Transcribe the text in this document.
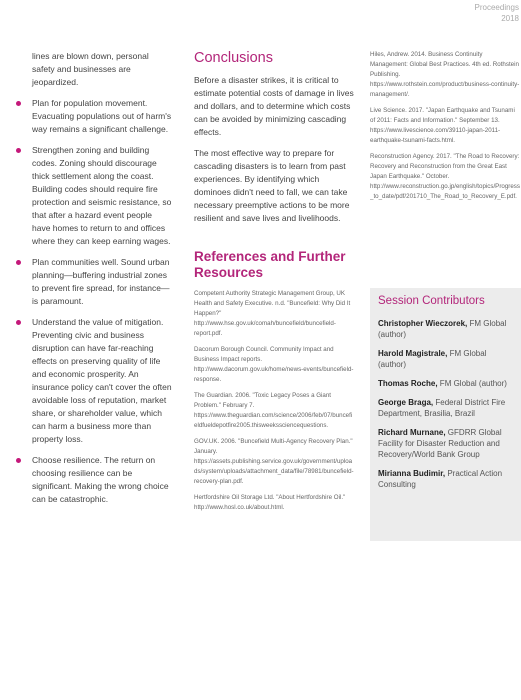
Proceedings
2018

lines are blown down, personal safety and businesses are jeopardized.

Plan for population movement. Evacuating populations out of harm's way remains a significant challenge.
Strengthen zoning and building codes. Zoning should discourage thick settlement along the coast. Building codes should require fire protection and seismic resistance, so that after a hazard event people have homes to return to and offices where they can keep earning wages.
Plan communities well. Sound urban planning—buffering industrial zones to prevent fire spread, for instance—is paramount.
Understand the value of mitigation. Preventing civic and business disruption can have far-reaching effects on preserving quality of life and economic prosperity. An insurance policy can't cover the often avoidable loss of reputation, market share, or shareholder value, which can harm a business more than property loss.
Choose resilience. The return on choosing resilience can be significant. Making the wrong choice can be catastrophic.
Conclusions

Before a disaster strikes, it is critical to estimate potential costs of damage in lives and dollars, and to determine which costs can be avoided by minimizing cascading effects.

The most effective way to prepare for cascading disasters is to learn from past experiences. By identifying which dominoes didn't need to fall, we can take necessary preemptive actions to be more resilient and save lives and livelihoods.

References and Further Resources

Competent Authority Strategic Management Group, UK Health and Safety Executive. n.d. "Buncefield: Why Did It Happen?" http://www.hse.gov.uk/comah/buncefield/buncefield-report.pdf.

Dacorum Borough Council. Community Impact and Business Impact reports. http://www.dacorum.gov.uk/home/news-events/buncefield-response.

The Guardian. 2006. "Toxic Legacy Poses a Giant Problem." February 7. https://www.theguardian.com/science/2006/feb/07/buncefieldfueldepotfire2005.thisweekssciencequestions.

GOV.UK. 2006. "Buncefield Multi-Agency Recovery Plan." January. https://assets.publishing.service.gov.uk/government/uploads/system/uploads/attachment_data/file/78981/buncefield-recovery-plan.pdf.

Hertfordshire Oil Storage Ltd. "About Hertfordshire Oil." http://www.hosl.co.uk/about.html.

Hiles, Andrew. 2014. Business Continuity Management: Global Best Practices. 4th ed. Rothstein Publishing. https://www.rothstein.com/product/business-continuity-management/.

Live Science. 2017. "Japan Earthquake and Tsunami of 2011: Facts and Information." September 13. https://www.livescience.com/39110-japan-2011-earthquake-tsunami-facts.html.

Reconstruction Agency. 2017. "The Road to Recovery: Recovery and Reconstruction from the Great East Japan Earthquake." October. http://www.reconstruction.go.jp/english/topics/Progress_to_date/pdf/201710_The_Road_to_Recovery_E.pdf.

Session Contributors
Christopher Wieczorek, FM Global (author)
Harold Magistrale, FM Global (author)
Thomas Roche, FM Global (author)
George Braga, Federal District Fire Department, Brasilia, Brazil
Richard Murnane, GFDRR Global Facility for Disaster Reduction and Recovery/World Bank Group
Mirianna Budimir, Practical Action Consulting
